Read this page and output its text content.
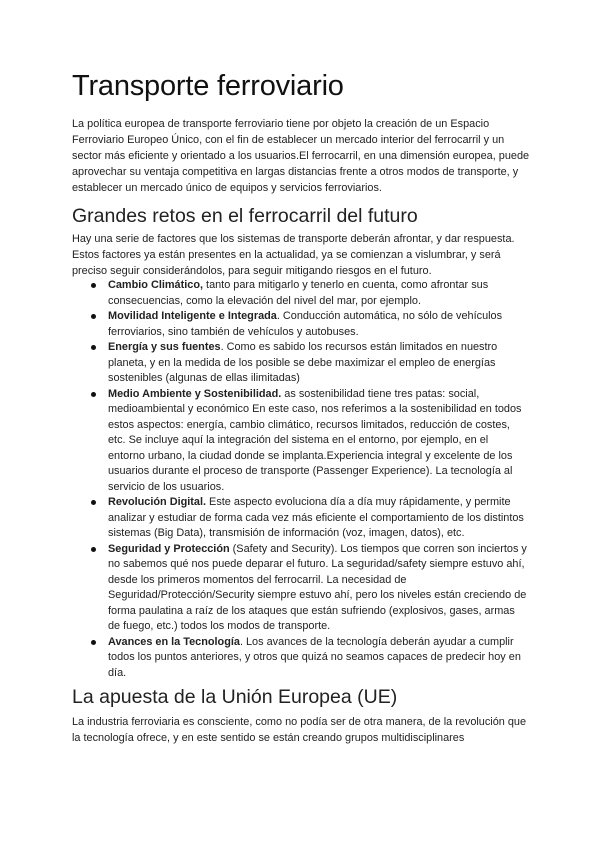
Transporte ferroviario

La política europea de transporte ferroviario tiene por objeto la creación de un Espacio Ferroviario Europeo Único, con el fin de establecer un mercado interior del ferrocarril y un sector más eficiente y orientado a los usuarios.El ferrocarril, en una dimensión europea, puede aprovechar su ventaja competitiva en largas distancias frente a otros modos de transporte, y establecer un mercado único de equipos y servicios ferroviarios.

Grandes retos en el ferrocarril del futuro

Hay una serie de factores que los sistemas de transporte deberán afrontar, y dar respuesta. Estos factores ya están presentes en la actualidad, ya se comienzan a vislumbrar, y será preciso seguir considerándolos, para seguir mitigando riesgos en el futuro.

Cambio Climático, tanto para mitigarlo y tenerlo en cuenta, como afrontar sus consecuencias, como la elevación del nivel del mar, por ejemplo.
Movilidad Inteligente e Integrada. Conducción automática, no sólo de vehículos ferroviarios, sino también de vehículos y autobuses.
Energía y sus fuentes. Como es sabido los recursos están limitados en nuestro planeta, y en la medida de los posible se debe maximizar el empleo de energías sostenibles (algunas de ellas ilimitadas)
Medio Ambiente y Sostenibilidad. as sostenibilidad tiene tres patas: social, medioambiental y económico En este caso, nos referimos a la sostenibilidad en todos estos aspectos: energía, cambio climático, recursos limitados, reducción de costes, etc. Se incluye aquí la integración del sistema en el entorno, por ejemplo, en el entorno urbano, la ciudad donde se implanta.Experiencia integral y excelente de los usuarios durante el proceso de transporte (Passenger Experience). La tecnología al servicio de los usuarios.
Revolución Digital. Este aspecto evoluciona día a día muy rápidamente, y permite analizar y estudiar de forma cada vez más eficiente el comportamiento de los distintos sistemas (Big Data), transmisión de información (voz, imagen, datos), etc.
Seguridad y Protección (Safety and Security). Los tiempos que corren son inciertos y no sabemos qué nos puede deparar el futuro. La seguridad/safety siempre estuvo ahí, desde los primeros momentos del ferrocarril. La necesidad de Seguridad/Protección/Security siempre estuvo ahí, pero los niveles están creciendo de forma paulatina a raíz de los ataques que están sufriendo (explosivos, gases, armas de fuego, etc.) todos los modos de transporte.
Avances en la Tecnología. Los avances de la tecnología deberán ayudar a cumplir todos los puntos anteriores, y otros que quizá no seamos capaces de predecir hoy en día.
La apuesta de la Unión Europea (UE)

La industria ferroviaria es consciente, como no podía ser de otra manera, de la revolución que la tecnología ofrece, y en este sentido se están creando grupos multidisciplinares
